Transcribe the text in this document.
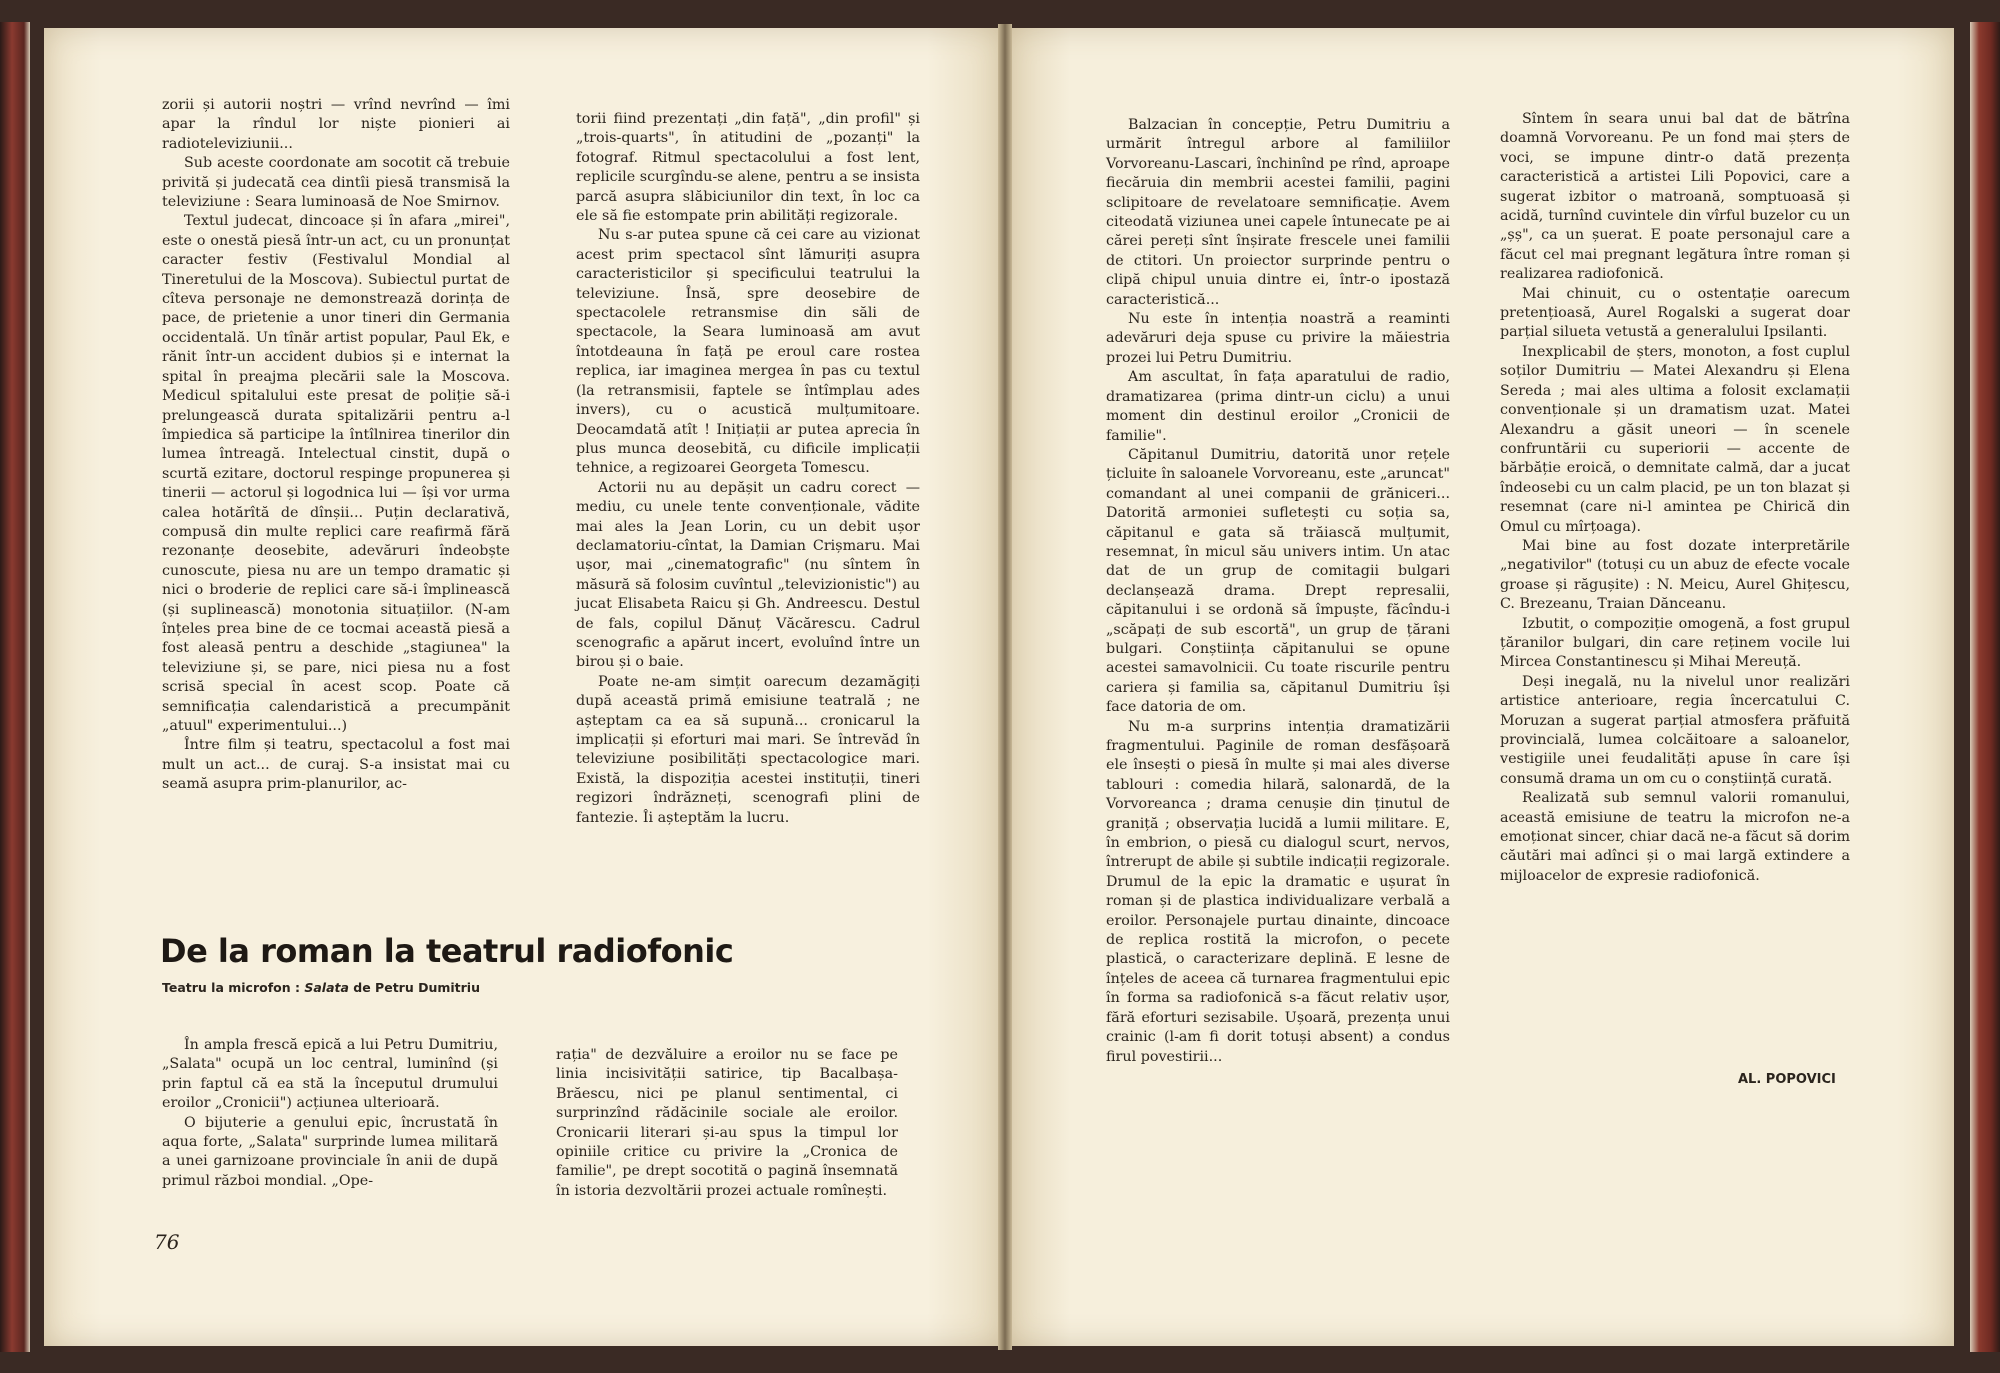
zorii și autorii noștri — vrînd nevrînd — îmi apar la rîndul lor niște pionieri ai radioteleviziunii...

Sub aceste coordonate am socotit că trebuie privită și judecată cea dintîi piesă transmisă la televiziune : Seara luminoasă de Noe Smirnov.

Textul judecat, dincoace și în afara „mirei", este o onestă piesă într-un act, cu un pronunțat caracter festiv (Festivalul Mondial al Tineretului de la Moscova). Subiectul purtat de cîteva personaje ne demonstrează dorința de pace, de prietenie a unor tineri din Germania occidentală. Un tînăr artist popular, Paul Ek, e rănit într-un accident dubios și e internat la spital în preajma plecării sale la Moscova. Medicul spitalului este presat de poliție să-i prelungească durata spitalizării pentru a-l împiedica să participe la întîlnirea tinerilor din lumea întreagă. Intelectual cinstit, după o scurtă ezitare, doctorul respinge propunerea și tinerii — actorul și logodnica lui — își vor urma calea hotărîtă de dînșii... Puțin declarativă, compusă din multe replici care reafirmă fără rezonanțe deosebite, adevăruri îndeobște cunoscute, piesa nu are un tempo dramatic și nici o broderie de replici care să-i împlinească (și suplinească) monotonia situațiilor. (N-am înțeles prea bine de ce tocmai această piesă a fost aleasă pentru a deschide „stagiunea" la televiziune și, se pare, nici piesa nu a fost scrisă special în acest scop. Poate că semnificația calendaristică a precumpănit „atuul" experimentului...)

Între film și teatru, spectacolul a fost mai mult un act... de curaj. S-a insistat mai cu seamă asupra prim-planurilor, ac-

torii fiind prezentați „din față", „din profil" și „trois-quarts", în atitudini de „pozanți" la fotograf. Ritmul spectacolului a fost lent, replicile scurgîndu-se alene, pentru a se insista parcă asupra slăbiciunilor din text, în loc ca ele să fie estompate prin abilități regizorale.

Nu s-ar putea spune că cei care au vizionat acest prim spectacol sînt lămuriți asupra caracteristicilor și specificului teatrului la televiziune. Însă, spre deosebire de spectacolele retransmise din săli de spectacole, la Seara luminoasă am avut întotdeauna în față pe eroul care rostea replica, iar imaginea mergea în pas cu textul (la retransmisii, faptele se întîmplau ades invers), cu o acustică mulțumitoare. Deocamdată atît ! Inițiații ar putea aprecia în plus munca deosebită, cu dificile implicații tehnice, a regizoarei Georgeta Tomescu.

Actorii nu au depășit un cadru corect — mediu, cu unele tente convenționale, vădite mai ales la Jean Lorin, cu un debit ușor declamatoriu-cîntat, la Damian Crișmaru. Mai ușor, mai „cinematografic" (nu sîntem în măsură să folosim cuvîntul „televizionistic") au jucat Elisabeta Raicu și Gh. Andreescu. Destul de fals, copilul Dănuț Văcărescu. Cadrul scenografic a apărut incert, evoluînd între un birou și o baie.

Poate ne-am simțit oarecum dezamăgiți după această primă emisiune teatrală ; ne așteptam ca ea să supună... cronicarul la implicații și eforturi mai mari. Se întrevăd în televiziune posibilități spectacologice mari. Există, la dispoziția acestei instituții, tineri regizori îndrăzneți, scenografi plini de fantezie. Îi așteptăm la lucru.

De la roman la teatrul radiofonic

Teatru la microfon : Salata de Petru Dumitriu

În ampla frescă epică a lui Petru Dumitriu, „Salata" ocupă un loc central, luminînd (și prin faptul că ea stă la începutul drumului eroilor „Cronicii") acțiunea ulterioară.

O bijuterie a genului epic, încrustată în aqua forte, „Salata" surprinde lumea militară a unei garnizoane provinciale în anii de după primul război mondial. „Ope-

rația" de dezvăluire a eroilor nu se face pe linia incisivității satirice, tip Bacalbașa-Brăescu, nici pe planul sentimental, ci surprinzînd rădăcinile sociale ale eroilor. Cronicarii literari și-au spus la timpul lor opiniile critice cu privire la „Cronica de familie", pe drept socotită o pagină însemnată în istoria dezvoltării prozei actuale romînești.

76

Balzacian în concepție, Petru Dumitriu a urmărit întregul arbore al familiilor Vorvoreanu-Lascari, închinînd pe rînd, aproape fiecăruia din membrii acestei familii, pagini sclipitoare de revelatoare semnificație. Avem citeodată viziunea unei capele întunecate pe ai cărei pereți sînt înșirate frescele unei familii de ctitori. Un proiector surprinde pentru o clipă chipul unuia dintre ei, într-o ipostază caracteristică...

Nu este în intenția noastră a reaminti adevăruri deja spuse cu privire la măiestria prozei lui Petru Dumitriu.

Am ascultat, în fața aparatului de radio, dramatizarea (prima dintr-un ciclu) a unui moment din destinul eroilor „Cronicii de familie".

Căpitanul Dumitriu, datorită unor rețele țicluite în saloanele Vorvoreanu, este „aruncat" comandant al unei companii de grăniceri... Datorită armoniei sufletești cu soția sa, căpitanul e gata să trăiască mulțumit, resemnat, în micul său univers intim. Un atac dat de un grup de comitagii bulgari declanșează drama. Drept represalii, căpitanului i se ordonă să împuște, făcîndu-i „scăpați de sub escortă", un grup de țărani bulgari. Conștiința căpitanului se opune acestei samavolnicii. Cu toate riscurile pentru cariera și familia sa, căpitanul Dumitriu își face datoria de om.

Nu m-a surprins intenția dramatizării fragmentului. Paginile de roman desfășoară ele însești o piesă în multe și mai ales diverse tablouri : comedia hilară, salonardă, de la Vorvoreanca ; drama cenușie din ținutul de graniță ; observația lucidă a lumii militare. E, în embrion, o piesă cu dialogul scurt, nervos, întrerupt de abile și subtile indicații regizorale. Drumul de la epic la dramatic e ușurat în roman și de plastica individualizare verbală a eroilor. Personajele purtau dinainte, dincoace de replica rostită la microfon, o pecete plastică, o caracterizare deplină. E lesne de înțeles de aceea că turnarea fragmentului epic în forma sa radiofonică s-a făcut relativ ușor, fără eforturi sezisabile. Ușoară, prezența unui crainic (l-am fi dorit totuși absent) a condus firul povestirii...

Sîntem în seara unui bal dat de bătrîna doamnă Vorvoreanu. Pe un fond mai șters de voci, se impune dintr-o dată prezența caracteristică a artistei Lili Popovici, care a sugerat izbitor o matroană, somptuoasă și acidă, turnînd cuvintele din vîrful buzelor cu un „șș", ca un șuerat. E poate personajul care a făcut cel mai pregnant legătura între roman și realizarea radiofonică.

Mai chinuit, cu o ostentație oarecum pretențioasă, Aurel Rogalski a sugerat doar parțial silueta vetustă a generalului Ipsilanti.

Inexplicabil de șters, monoton, a fost cuplul soților Dumitriu — Matei Alexandru și Elena Sereda ; mai ales ultima a folosit exclamații convenționale și un dramatism uzat. Matei Alexandru a găsit uneori — în scenele confruntării cu superiorii — accente de bărbăție eroică, o demnitate calmă, dar a jucat îndeosebi cu un calm placid, pe un ton blazat și resemnat (care ni-l amintea pe Chirică din Omul cu mîrțoaga).

Mai bine au fost dozate interpretările „negativilor" (totuși cu un abuz de efecte vocale groase și răgușite) : N. Meicu, Aurel Ghițescu, C. Brezeanu, Traian Dănceanu.

Izbutit, o compoziție omogenă, a fost grupul țăranilor bulgari, din care reținem vocile lui Mircea Constantinescu și Mihai Mereuță.

Deși inegală, nu la nivelul unor realizări artistice anterioare, regia încercatului C. Moruzan a sugerat parțial atmosfera prăfuită provincială, lumea colcăitoare a saloanelor, vestigiile unei feudalități apuse în care își consumă drama un om cu o conștiință curată.

Realizată sub semnul valorii romanului, această emisiune de teatru la microfon ne-a emoționat sincer, chiar dacă ne-a făcut să dorim căutări mai adînci și o mai largă extindere a mijloacelor de expresie radiofonică.

AL. POPOVICI
